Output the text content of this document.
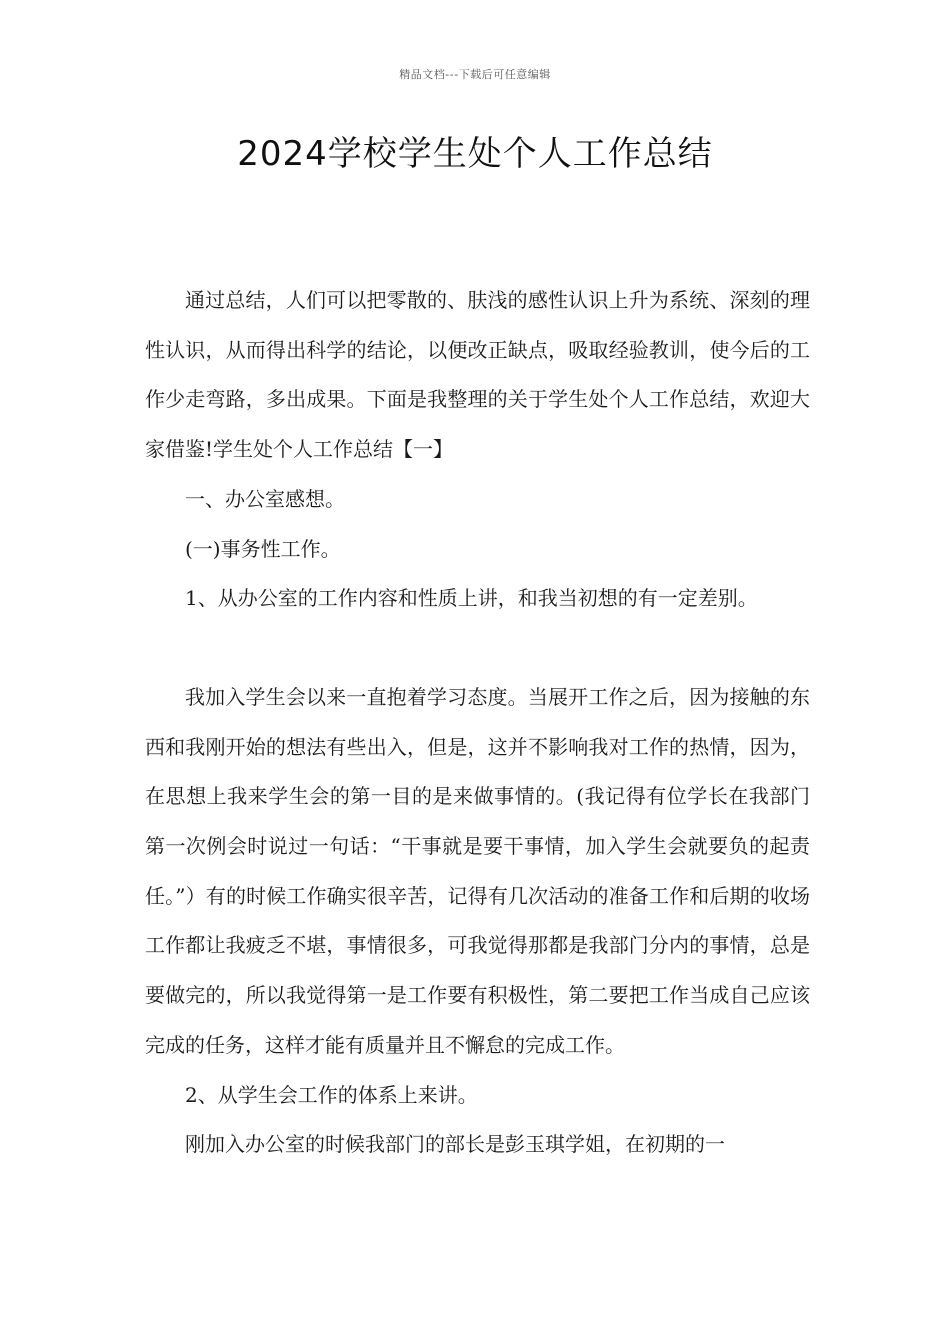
精品文档---下载后可任意编辑
2024学校学生处个人工作总结

通过总结，人们可以把零散的、肤浅的感性认识上升为系统、深刻的理性认识，从而得出科学的结论，以便改正缺点，吸取经验教训，使今后的工作少走弯路，多出成果。下面是我整理的关于学生处个人工作总结，欢迎大家借鉴!学生处个人工作总结【一】

一、办公室感想。

(一)事务性工作。

1、从办公室的工作内容和性质上讲，和我当初想的有一定差别。

我加入学生会以来一直抱着学习态度。当展开工作之后，因为接触的东西和我刚开始的想法有些出入，但是，这并不影响我对工作的热情，因为，在思想上我来学生会的第一目的是来做事情的。(我记得有位学长在我部门第一次例会时说过一句话：“干事就是要干事情，加入学生会就要负的起责任。”）有的时候工作确实很辛苦，记得有几次活动的准备工作和后期的收场工作都让我疲乏不堪，事情很多，可我觉得那都是我部门分内的事情，总是要做完的，所以我觉得第一是工作要有积极性，第二要把工作当成自己应该完成的任务，这样才能有质量并且不懈怠的完成工作。

2、从学生会工作的体系上来讲。

刚加入办公室的时候我部门的部长是彭玉琪学姐，在初期的一
